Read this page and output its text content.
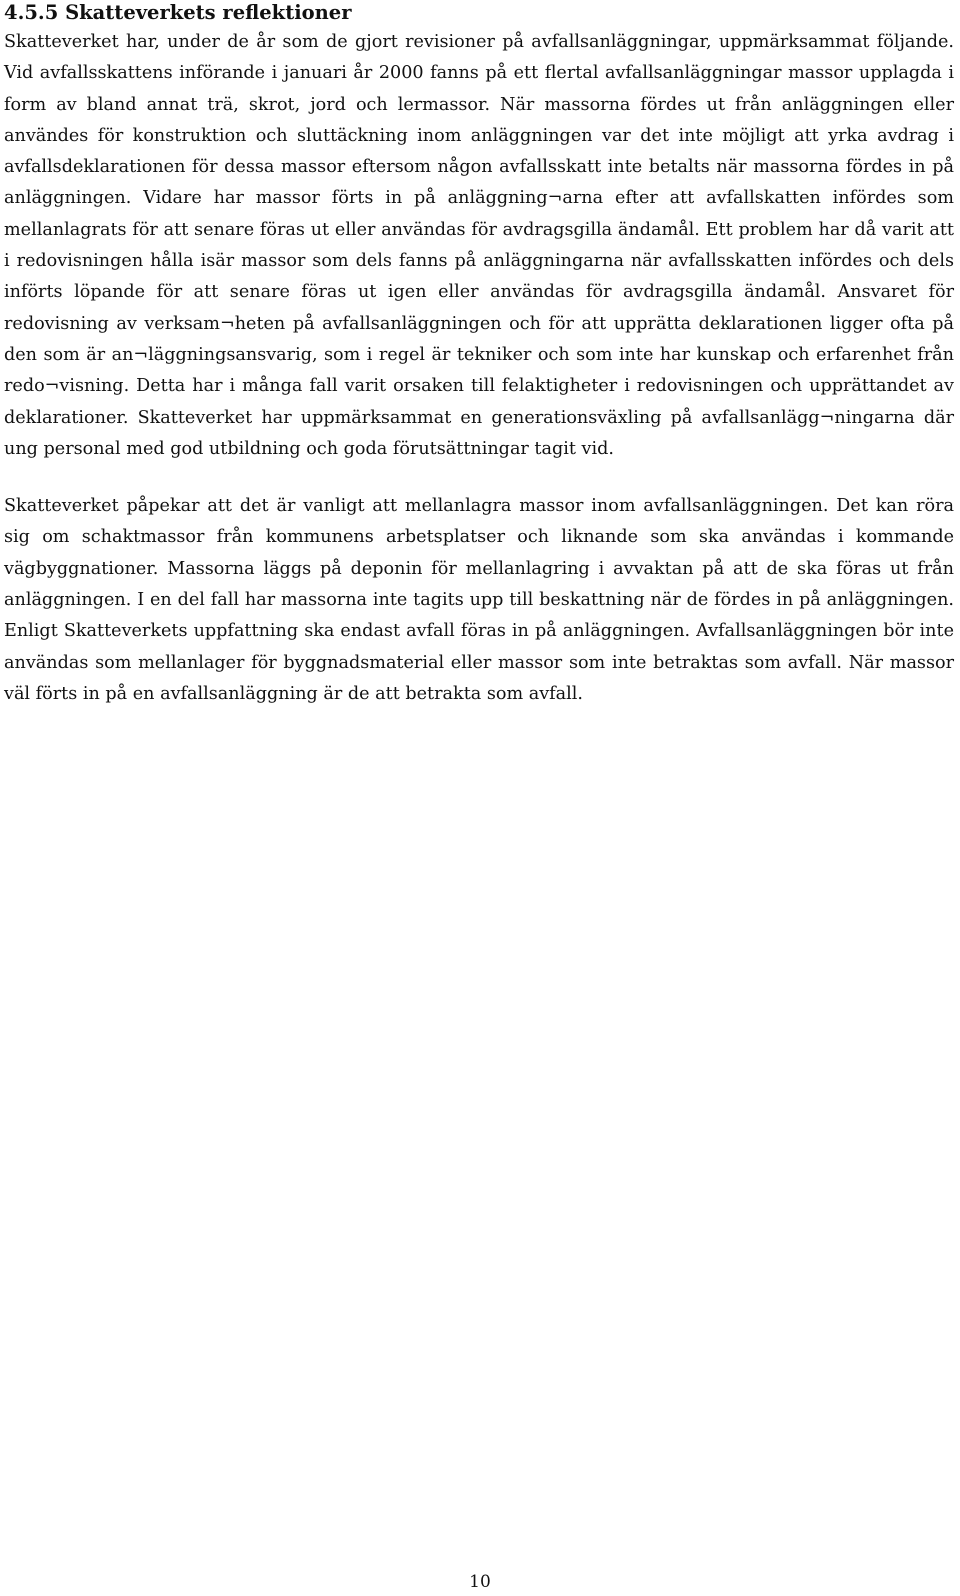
4.5.5 Skatteverkets reflektioner

Skatteverket har, under de år som de gjort revisioner på avfallsanläggningar, uppmärksammat följande. Vid avfallsskattens införande i januari år 2000 fanns på ett flertal avfallsanläggningar massor upplagda i form av bland annat trä, skrot, jord och lermassor. När massorna fördes ut från anläggningen eller användes för konstruktion och sluttäckning inom anläggningen var det inte möjligt att yrka avdrag i avfallsdeklarationen för dessa massor eftersom någon avfallsskatt inte betalts när massorna fördes in på anläggningen. Vidare har massor förts in på anläggning¬arna efter att avfallskatten infördes som mellanlagrats för att senare föras ut eller användas för avdragsgilla ändamål. Ett problem har då varit att i redovisningen hålla isär massor som dels fanns på anläggningarna när avfallsskatten infördes och dels införts löpande för att senare föras ut igen eller användas för avdragsgilla ändamål. Ansvaret för redovisning av verksam¬heten på avfallsanläggningen och för att upprätta deklarationen ligger ofta på den som är an¬läggningsansvarig, som i regel är tekniker och som inte har kunskap och erfarenhet från redo¬visning. Detta har i många fall varit orsaken till felaktigheter i redovisningen och upprättandet av deklarationer. Skatteverket har uppmärksammat en generationsväxling på avfallsanlägg¬ningarna där ung personal med god utbildning och goda förutsättningar tagit vid.

Skatteverket påpekar att det är vanligt att mellanlagra massor inom avfallsanläggningen. Det kan röra sig om schaktmassor från kommunens arbetsplatser och liknande som ska användas i kommande vägbyggnationer. Massorna läggs på deponin för mellanlagring i avvaktan på att de ska föras ut från anläggningen. I en del fall har massorna inte tagits upp till beskattning när de fördes in på anläggningen. Enligt Skatteverkets uppfattning ska endast avfall föras in på anläggningen. Avfallsanläggningen bör inte användas som mellanlager för byggnadsmaterial eller massor som inte betraktas som avfall. När massor väl förts in på en avfallsanläggning är de att betrakta som avfall.

10
